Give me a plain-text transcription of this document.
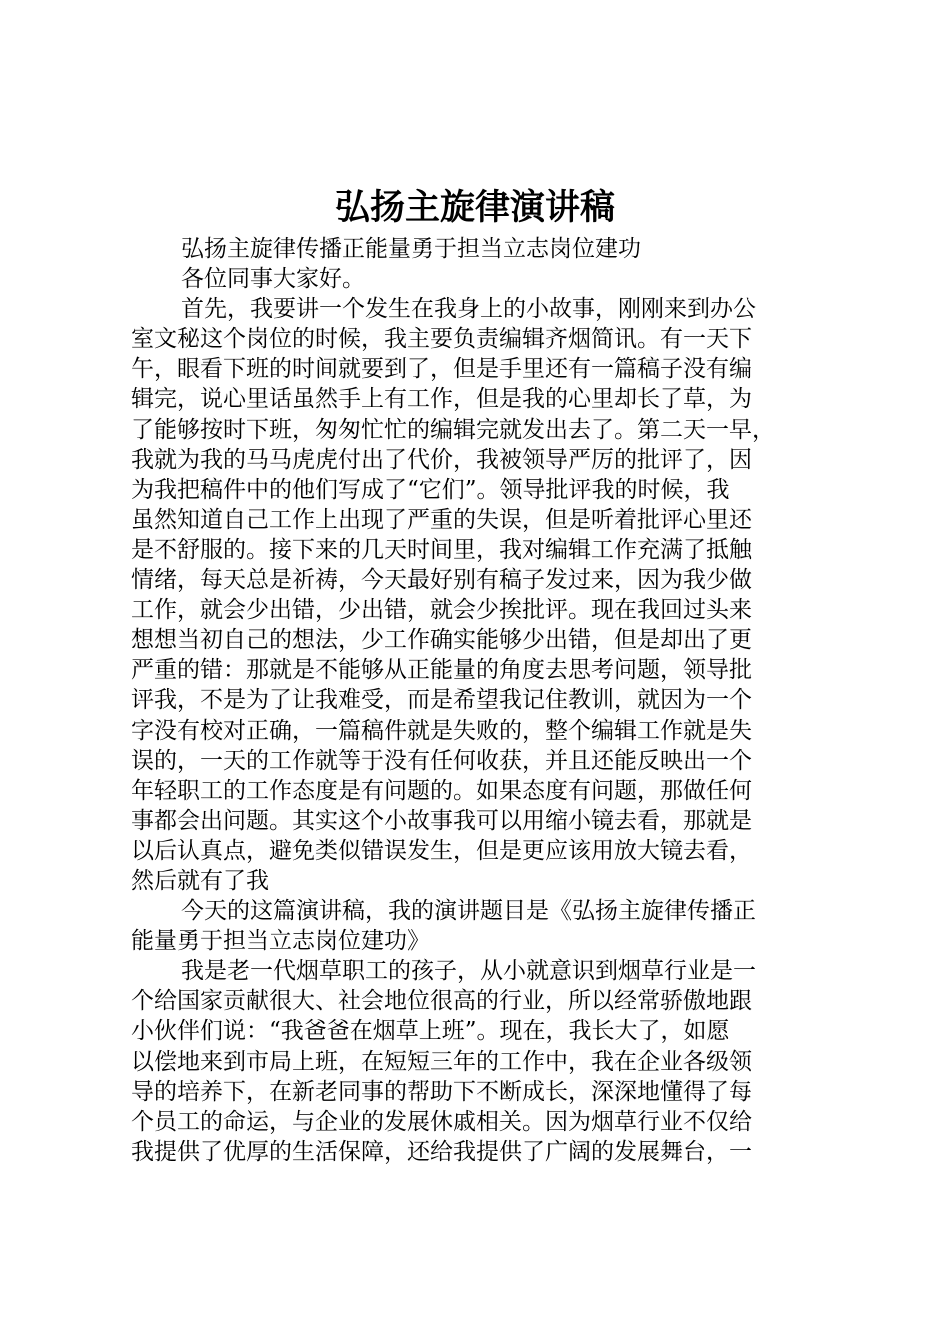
弘扬主旋律演讲稿

弘扬主旋律传播正能量勇于担当立志岗位建功

各位同事大家好。

首先，我要讲一个发生在我身上的小故事，刚刚来到办公
室文秘这个岗位的时候，我主要负责编辑齐烟简讯。有一天下
午，眼看下班的时间就要到了，但是手里还有一篇稿子没有编
辑完，说心里话虽然手上有工作，但是我的心里却长了草，为
了能够按时下班，匆匆忙忙的编辑完就发出去了。第二天一早，
我就为我的马马虎虎付出了代价，我被领导严厉的批评了，因
为我把稿件中的他们写成了“它们”。领导批评我的时候，我
虽然知道自己工作上出现了严重的失误，但是听着批评心里还
是不舒服的。接下来的几天时间里，我对编辑工作充满了抵触
情绪，每天总是祈祷，今天最好别有稿子发过来，因为我少做
工作，就会少出错，少出错，就会少挨批评。现在我回过头来
想想当初自己的想法，少工作确实能够少出错，但是却出了更
严重的错：那就是不能够从正能量的角度去思考问题，领导批
评我，不是为了让我难受，而是希望我记住教训，就因为一个
字没有校对正确，一篇稿件就是失败的，整个编辑工作就是失
误的，一天的工作就等于没有任何收获，并且还能反映出一个
年轻职工的工作态度是有问题的。如果态度有问题，那做任何
事都会出问题。其实这个小故事我可以用缩小镜去看，那就是
以后认真点，避免类似错误发生，但是更应该用放大镜去看，
然后就有了我

今天的这篇演讲稿，我的演讲题目是《弘扬主旋律传播正
能量勇于担当立志岗位建功》

我是老一代烟草职工的孩子，从小就意识到烟草行业是一
个给国家贡献很大、社会地位很高的行业，所以经常骄傲地跟
小伙伴们说：“我爸爸在烟草上班”。现在，我长大了，如愿
以偿地来到市局上班，在短短三年的工作中，我在企业各级领
导的培养下，在新老同事的帮助下不断成长，深深地懂得了每
个员工的命运，与企业的发展休戚相关。因为烟草行业不仅给
我提供了优厚的生活保障，还给我提供了广阔的发展舞台，一
